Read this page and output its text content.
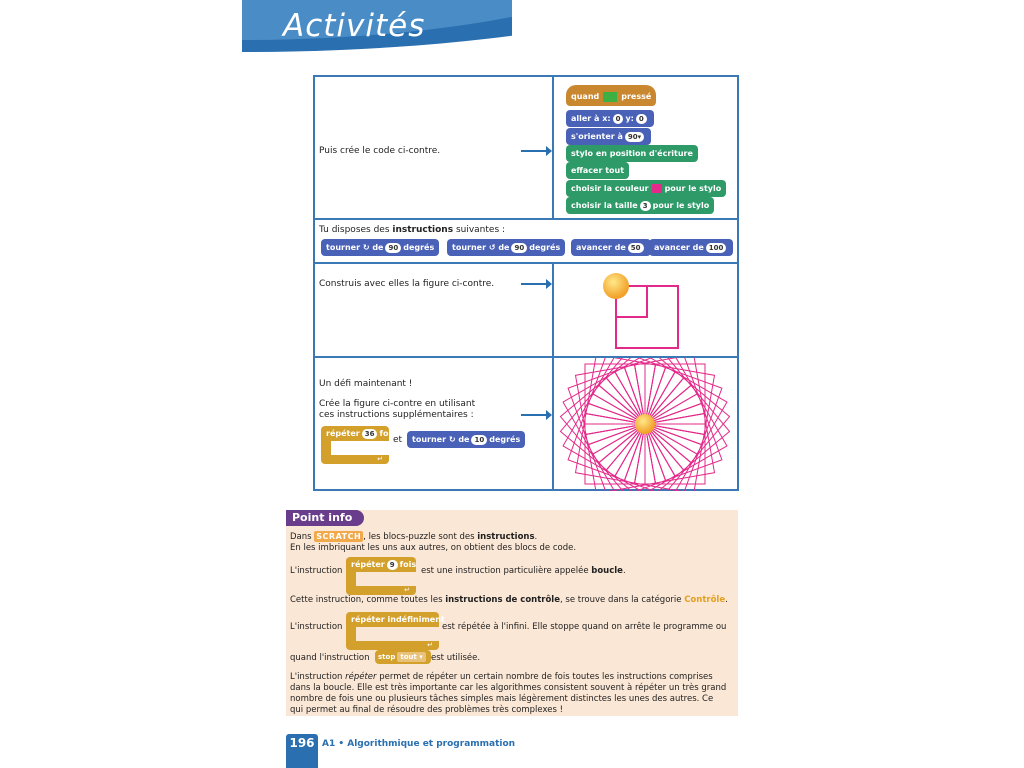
Activités
Puis crée le code ci-contre.
quand	pressé
aller à x: 0 y: 0
s'orienter à 90▾
stylo en position d'écriture
effacer tout
choisir la couleur pour le stylo
choisir la taille 3 pour le stylo
Tu disposes des instructions suivantes :
tourner ↻ de 90 degrés	tourner ↺ de 90 degrés	avancer de 50	avancer de 100
Construis avec elles la figure ci-contre.
Un défi maintenant !
Crée la figure ci-contre en utilisant
ces instructions supplémentaires :
répéter 36 fois
↵
et	tourner ↻ de 10 degrés
Point info
Dans SCRATCH , les blocs-puzzle sont des instructions.
En les imbriquant les uns aux autres, on obtient des blocs de code.
L'instruction
répéter 9 fois
↵
est une instruction particulière appelée boucle.
Cette instruction, comme toutes les instructions de contrôle, se trouve dans la catégorie Contrôle.
L'instruction
répéter indéfiniment
↵
est répétée à l'infini. Elle stoppe quand on arrête le programme ou
quand l'instruction	stop tout ▾ est utilisée.
L'instruction répéter permet de répéter un certain nombre de fois toutes les instructions comprises
dans la boucle. Elle est très importante car les algorithmes consistent souvent à répéter un très grand
nombre de fois une ou plusieurs tâches simples mais légèrement distinctes les unes des autres. Ce
qui permet au final de résoudre des problèmes très complexes !
196 A1 • Algorithmique et programmation
